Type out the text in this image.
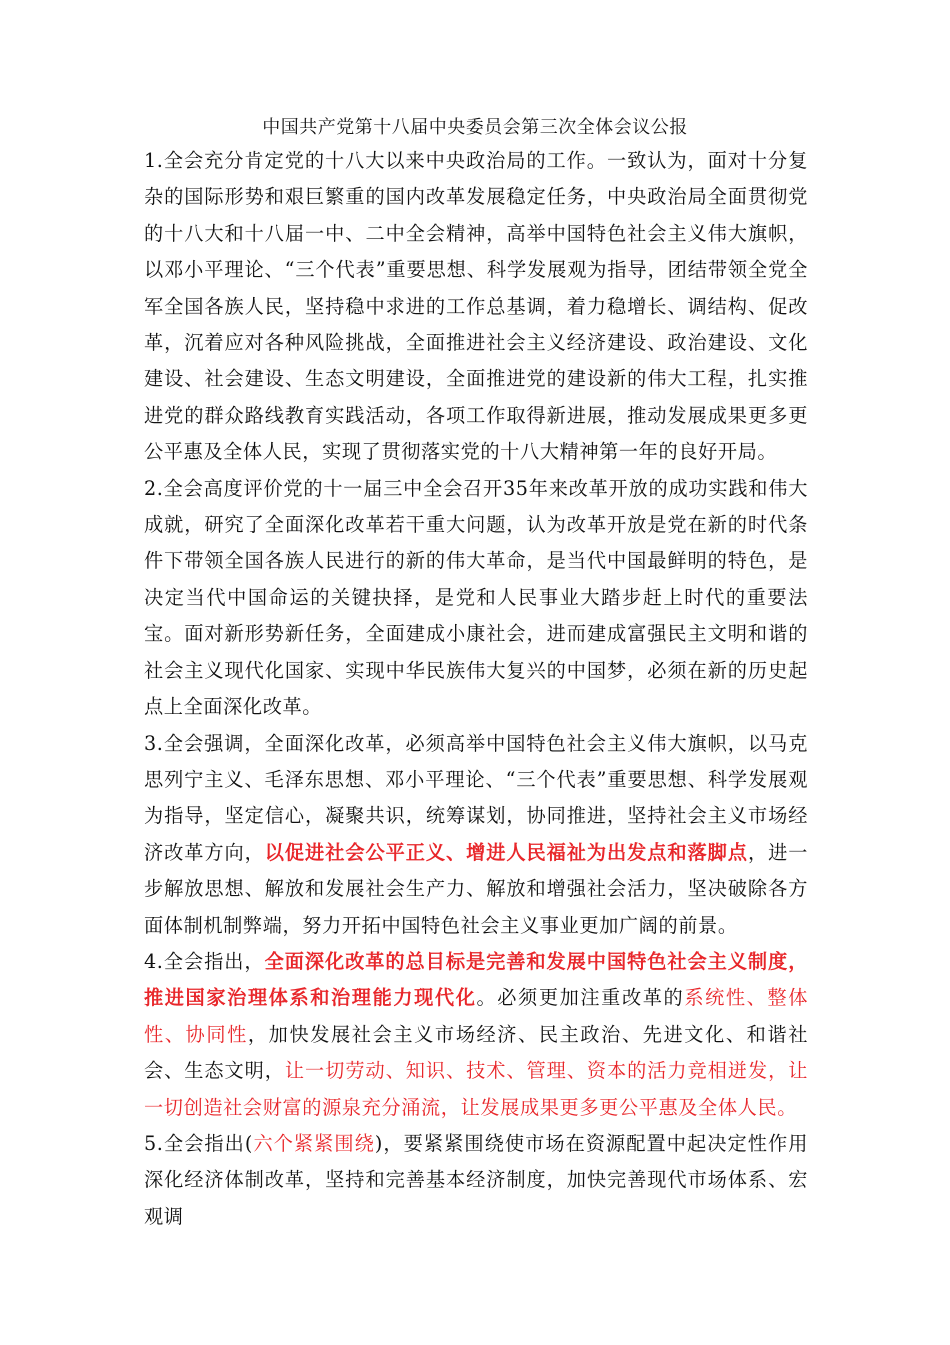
中国共产党第十八届中央委员会第三次全体会议公报

1.全会充分肯定党的十八大以来中央政治局的工作。一致认为，面对十分复杂的国际形势和艰巨繁重的国内改革发展稳定任务，中央政治局全面贯彻党的十八大和十八届一中、二中全会精神，高举中国特色社会主义伟大旗帜，以邓小平理论、“三个代表”重要思想、科学发展观为指导，团结带领全党全军全国各族人民，坚持稳中求进的工作总基调，着力稳增长、调结构、促改革，沉着应对各种风险挑战，全面推进社会主义经济建设、政治建设、文化建设、社会建设、生态文明建设，全面推进党的建设新的伟大工程，扎实推进党的群众路线教育实践活动，各项工作取得新进展，推动发展成果更多更公平惠及全体人民，实现了贯彻落实党的十八大精神第一年的良好开局。

2.全会高度评价党的十一届三中全会召开35年来改革开放的成功实践和伟大成就，研究了全面深化改革若干重大问题，认为改革开放是党在新的时代条件下带领全国各族人民进行的新的伟大革命，是当代中国最鲜明的特色，是决定当代中国命运的关键抉择，是党和人民事业大踏步赶上时代的重要法宝。面对新形势新任务，全面建成小康社会，进而建成富强民主文明和谐的社会主义现代化国家、实现中华民族伟大复兴的中国梦，必须在新的历史起点上全面深化改革。

3.全会强调，全面深化改革，必须高举中国特色社会主义伟大旗帜，以马克思列宁主义、毛泽东思想、邓小平理论、“三个代表”重要思想、科学发展观为指导，坚定信心，凝聚共识，统筹谋划，协同推进，坚持社会主义市场经济改革方向，以促进社会公平正义、增进人民福祉为出发点和落脚点，进一步解放思想、解放和发展社会生产力、解放和增强社会活力，坚决破除各方面体制机制弊端，努力开拓中国特色社会主义事业更加广阔的前景。

4.全会指出，全面深化改革的总目标是完善和发展中国特色社会主义制度，推进国家治理体系和治理能力现代化。必须更加注重改革的系统性、整体性、协同性，加快发展社会主义市场经济、民主政治、先进文化、和谐社会、生态文明，让一切劳动、知识、技术、管理、资本的活力竞相迸发，让一切创造社会财富的源泉充分涌流，让发展成果更多更公平惠及全体人民。

5.全会指出(六个紧紧围绕)，要紧紧围绕使市场在资源配置中起决定性作用深化经济体制改革，坚持和完善基本经济制度，加快完善现代市场体系、宏观调
